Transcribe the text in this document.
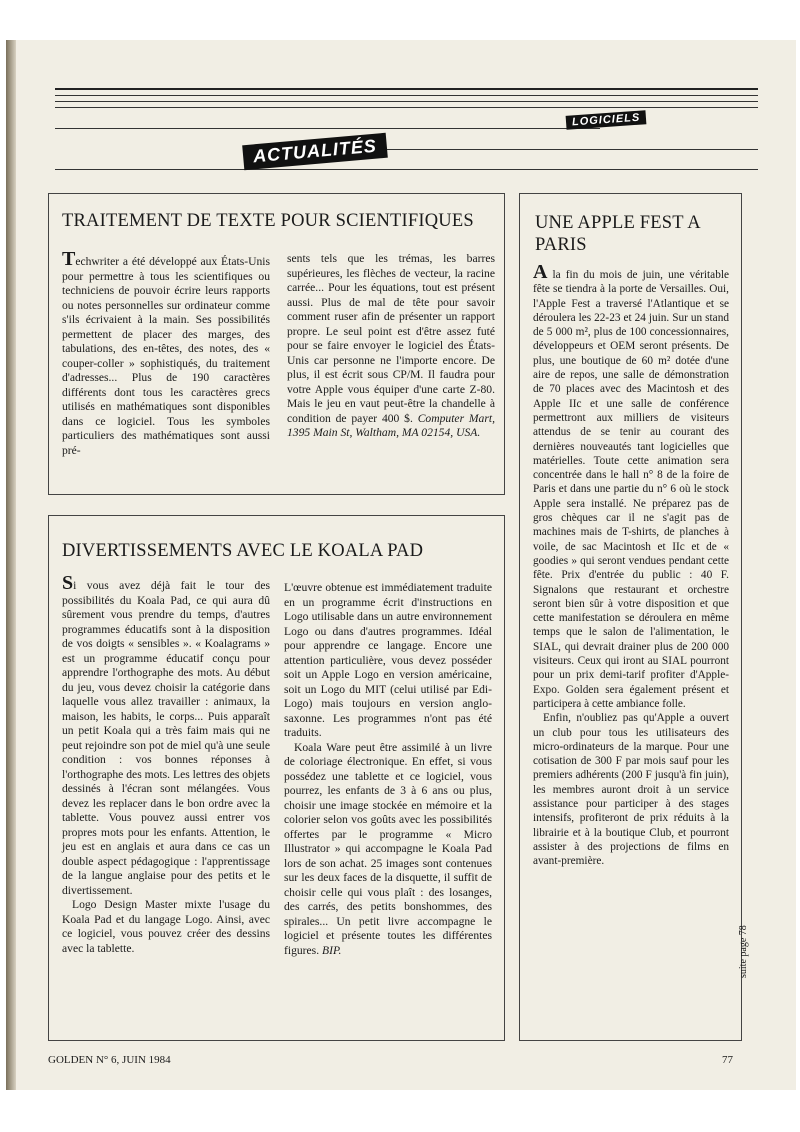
LOGICIELS
ACTUALITÉS
TRAITEMENT DE TEXTE POUR SCIENTIFIQUES

Techwriter a été développé aux États-Unis pour permettre à tous les scientifiques ou techniciens de pouvoir écrire leurs rapports ou notes personnelles sur ordinateur comme s'ils écrivaient à la main. Ses possibilités permettent de placer des marges, des tabulations, des en-têtes, des notes, des « couper-coller » sophistiqués, du traitement d'adresses... Plus de 190 caractères différents dont tous les caractères grecs utilisés en mathématiques sont disponibles dans ce logiciel. Tous les symboles particuliers des mathématiques sont aussi pré-

sents tels que les trémas, les barres supérieures, les flèches de vecteur, la racine carrée... Pour les équations, tout est présent aussi. Plus de mal de tête pour savoir comment ruser afin de présenter un rapport propre. Le seul point est d'être assez futé pour se faire envoyer le logiciel des États-Unis car personne ne l'importe encore. De plus, il est écrit sous CP/M. Il faudra pour votre Apple vous équiper d'une carte Z-80. Mais le jeu en vaut peut-être la chandelle à condition de payer 400 $. Computer Mart, 1395 Main St, Waltham, MA 02154, USA.

DIVERTISSEMENTS AVEC LE KOALA PAD

Si vous avez déjà fait le tour des possibilités du Koala Pad, ce qui aura dû sûrement vous prendre du temps, d'autres programmes éducatifs sont à la disposition de vos doigts « sensibles ». « Koalagrams » est un programme éducatif conçu pour apprendre l'orthographe des mots. Au début du jeu, vous devez choisir la catégorie dans laquelle vous allez travailler : animaux, la maison, les habits, le corps... Puis apparaît un petit Koala qui a très faim mais qui ne peut rejoindre son pot de miel qu'à une seule condition : vos bonnes réponses à l'orthographe des mots. Les lettres des objets dessinés à l'écran sont mélangées. Vous devez les replacer dans le bon ordre avec la tablette. Vous pouvez aussi entrer vos propres mots pour les enfants. Attention, le jeu est en anglais et aura dans ce cas un double aspect pédagogique : l'apprentissage de la langue anglaise pour des petits et le divertissement.

Logo Design Master mixte l'usage du Koala Pad et du langage Logo. Ainsi, avec ce logiciel, vous pouvez créer des dessins avec la tablette.

L'œuvre obtenue est immédiatement traduite en un programme écrit d'instructions en Logo utilisable dans un autre environnement Logo ou dans d'autres programmes. Idéal pour apprendre ce langage. Encore une attention particulière, vous devez posséder soit un Apple Logo en version américaine, soit un Logo du MIT (celui utilisé par Edi-Logo) mais toujours en version anglo-saxonne. Les programmes n'ont pas été traduits.

Koala Ware peut être assimilé à un livre de coloriage électronique. En effet, si vous possédez une tablette et ce logiciel, vous pourrez, les enfants de 3 à 6 ans ou plus, choisir une image stockée en mémoire et la colorier selon vos goûts avec les possibilités offertes par le programme « Micro Illustrator » qui accompagne le Koala Pad lors de son achat. 25 images sont contenues sur les deux faces de la disquette, il suffit de choisir celle qui vous plaît : des losanges, des carrés, des petits bonshommes, des spirales... Un petit livre accompagne le logiciel et présente toutes les différentes figures. BIP.

UNE APPLE FEST A PARIS

A la fin du mois de juin, une véritable fête se tiendra à la porte de Versailles. Oui, l'Apple Fest a traversé l'Atlantique et se déroulera les 22-23 et 24 juin. Sur un stand de 5 000 m², plus de 100 concessionnaires, développeurs et OEM seront présents. De plus, une boutique de 60 m² dotée d'une aire de repos, une salle de démonstration de 70 places avec des Macintosh et des Apple IIc et une salle de conférence permettront aux milliers de visiteurs attendus de se tenir au courant des dernières nouveautés tant logicielles que matérielles. Toute cette animation sera concentrée dans le hall n° 8 de la foire de Paris et dans une partie du n° 6 où le stock Apple sera installé. Ne préparez pas de gros chèques car il ne s'agit pas de machines mais de T-shirts, de planches à voile, de sac Macintosh et IIc et de « goodies » qui seront vendues pendant cette fête. Prix d'entrée du public : 40 F. Signalons que restaurant et orchestre seront bien sûr à votre disposition et que cette manifestation se déroulera en même temps que le salon de l'alimentation, le SIAL, qui devrait drainer plus de 200 000 visiteurs. Ceux qui iront au SIAL pourront pour un prix demi-tarif profiter d'Apple-Expo. Golden sera également présent et participera à cette ambiance folle.

Enfin, n'oubliez pas qu'Apple a ouvert un club pour tous les utilisateurs des micro-ordinateurs de la marque. Pour une cotisation de 300 F par mois sauf pour les premiers adhérents (200 F jusqu'à fin juin), les membres auront droit à un service assistance pour participer à des stages intensifs, profiteront de prix réduits à la librairie et à la boutique Club, et pourront assister à des projections de films en avant-première.

suite page 78
GOLDEN N° 6, JUIN 1984	77
